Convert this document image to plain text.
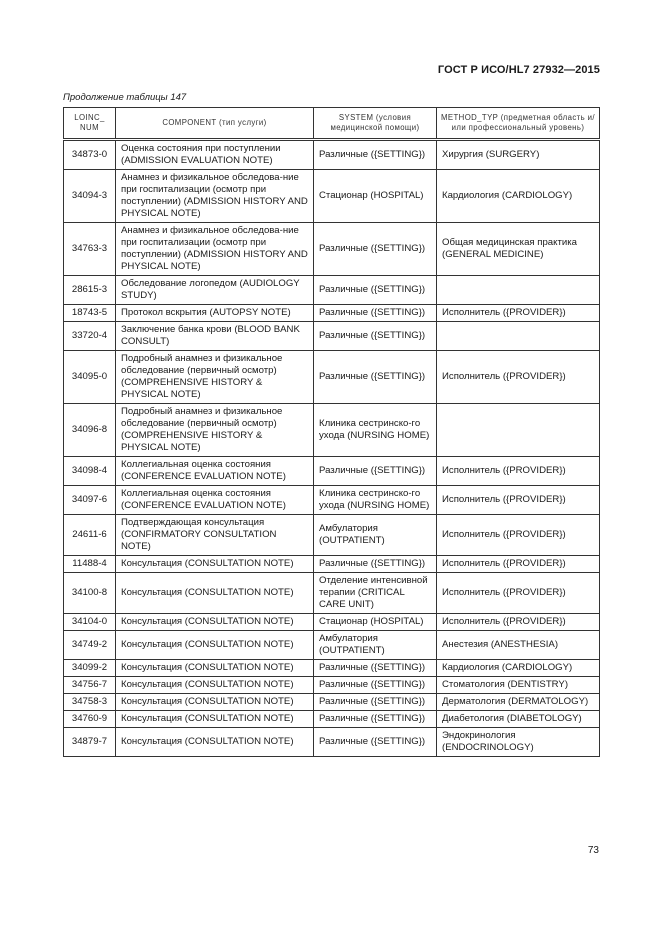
ГОСТ Р ИСО/HL7 27932—2015
Продолжение таблицы 147
LOINC_ NUM	COMPONENT (тип услуги)	SYSTEM (условия медицинской помощи)	METHOD_TYP (предметная область и/или профессиональный уровень)
34873-0	Оценка состояния при поступлении (ADMISSION EVALUATION NOTE)	Различные ({SETTING})	Хирургия (SURGERY)
34094-3	Анамнез и физикальное обследова-ние при госпитализации (осмотр при поступлении) (ADMISSION HISTORY AND PHYSICAL NOTE)	Стационар (HOSPITAL)	Кардиология (CARDIOLOGY)
34763-3	Анамнез и физикальное обследова-ние при госпитализации (осмотр при поступлении) (ADMISSION HISTORY AND PHYSICAL NOTE)	Различные ({SETTING})	Общая медицинская практика (GENERAL MEDICINE)
28615-3	Обследование логопедом (AUDIOLOGY STUDY)	Различные ({SETTING})	
18743-5	Протокол вскрытия (AUTOPSY NOTE)	Различные ({SETTING})	Исполнитель ({PROVIDER})
33720-4	Заключение банка крови (BLOOD BANK CONSULT)	Различные ({SETTING})	
34095-0	Подробный анамнез и физикальное обследование (первичный осмотр) (COMPREHENSIVE HISTORY & PHYSICAL NOTE)	Различные ({SETTING})	Исполнитель ({PROVIDER})
34096-8	Подробный анамнез и физикальное обследование (первичный осмотр) (COMPREHENSIVE HISTORY & PHYSICAL NOTE)	Клиника сестринско-го ухода (NURSING HOME)	
34098-4	Коллегиальная оценка состояния (CONFERENCE EVALUATION NOTE)	Различные ({SETTING})	Исполнитель ({PROVIDER})
34097-6	Коллегиальная оценка состояния (CONFERENCE EVALUATION NOTE)	Клиника сестринско-го ухода (NURSING HOME)	Исполнитель ({PROVIDER})
24611-6	Подтверждающая консультация (CONFIRMATORY CONSULTATION NOTE)	Амбулатория (OUTPATIENT)	Исполнитель ({PROVIDER})
11488-4	Консультация (CONSULTATION NOTE)	Различные ({SETTING})	Исполнитель ({PROVIDER})
34100-8	Консультация (CONSULTATION NOTE)	Отделение интенсивной терапии (CRITICAL CARE UNIT)	Исполнитель ({PROVIDER})
34104-0	Консультация (CONSULTATION NOTE)	Стационар (HOSPITAL)	Исполнитель ({PROVIDER})
34749-2	Консультация (CONSULTATION NOTE)	Амбулатория (OUTPATIENT)	Анестезия (ANESTHESIA)
34099-2	Консультация (CONSULTATION NOTE)	Различные ({SETTING})	Кардиология (CARDIOLOGY)
34756-7	Консультация (CONSULTATION NOTE)	Различные ({SETTING})	Стоматология (DENTISTRY)
34758-3	Консультация (CONSULTATION NOTE)	Различные ({SETTING})	Дерматология (DERMATOLOGY)
34760-9	Консультация (CONSULTATION NOTE)	Различные ({SETTING})	Диабетология (DIABETOLOGY)
34879-7	Консультация (CONSULTATION NOTE)	Различные ({SETTING})	Эндокринология (ENDOCRINOLOGY)
73
